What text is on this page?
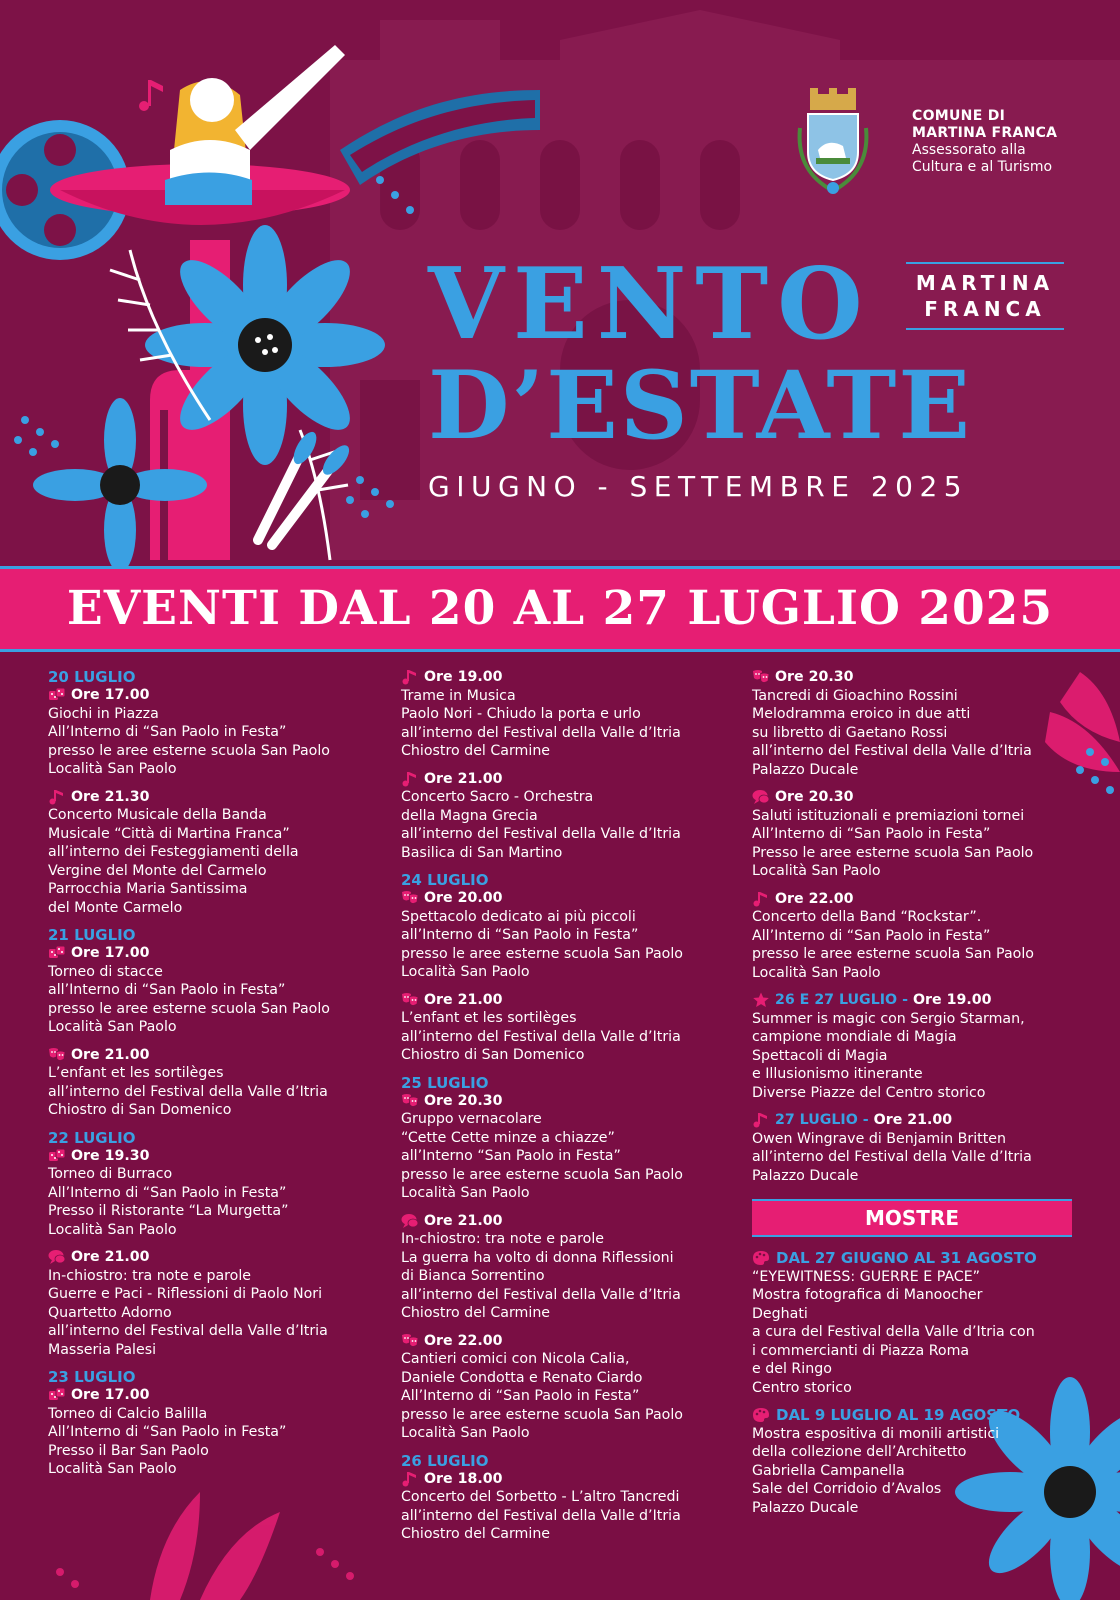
COMUNE DI
MARTINA FRANCA
Assessorato alla
Cultura e al Turismo
VENTO
D’ESTATE
MARTINA
FRANCA
GIUGNO - SETTEMBRE 2025
EVENTI DAL 20 AL 27 LUGLIO 2025
20 LUGLIO
Ore 17.00
Giochi in Piazza
All’Interno di “San Paolo in Festa”
presso le aree esterne scuola San Paolo
Località San Paolo
Ore 21.30
Concerto Musicale della Banda
Musicale “Città di Martina Franca”
all’interno dei Festeggiamenti della
Vergine del Monte del Carmelo
Parrocchia Maria Santissima
del Monte Carmelo
21 LUGLIO
Ore 17.00
Torneo di stacce
all’Interno di “San Paolo in Festa”
presso le aree esterne scuola San Paolo
Località San Paolo
Ore 21.00
L’enfant et les sortilèges
all’interno del Festival della Valle d’Itria
Chiostro di San Domenico
22 LUGLIO
Ore 19.30
Torneo di Burraco
All’Interno di “San Paolo in Festa”
Presso il Ristorante “La Murgetta”
Località San Paolo
Ore 21.00
In-chiostro: tra note e parole
Guerre e Paci - Riflessioni di Paolo Nori
Quartetto Adorno
all’interno del Festival della Valle d’Itria
Masseria Palesi
23 LUGLIO
Ore 17.00
Torneo di Calcio Balilla
All’Interno di “San Paolo in Festa”
Presso il Bar San Paolo
Località San Paolo
Ore 19.00
Trame in Musica
Paolo Nori - Chiudo la porta e urlo
all’interno del Festival della Valle d’Itria
Chiostro del Carmine
Ore 21.00
Concerto Sacro - Orchestra
della Magna Grecia
all’interno del Festival della Valle d’Itria
Basilica di San Martino
24 LUGLIO
Ore 20.00
Spettacolo dedicato ai più piccoli
all’Interno di “San Paolo in Festa”
presso le aree esterne scuola San Paolo
Località San Paolo
Ore 21.00
L’enfant et les sortilèges
all’interno del Festival della Valle d’Itria
Chiostro di San Domenico
25 LUGLIO
Ore 20.30
Gruppo vernacolare
“Cette Cette minze a chiazze”
all’Interno “San Paolo in Festa”
presso le aree esterne scuola San Paolo
Località San Paolo
Ore 21.00
In-chiostro: tra note e parole
La guerra ha volto di donna Riflessioni
di Bianca Sorrentino
all’interno del Festival della Valle d’Itria
Chiostro del Carmine
Ore 22.00
Cantieri comici con Nicola Calia,
Daniele Condotta e Renato Ciardo
All’Interno di “San Paolo in Festa”
presso le aree esterne scuola San Paolo
Località San Paolo
26 LUGLIO
Ore 18.00
Concerto del Sorbetto - L’altro Tancredi
all’interno del Festival della Valle d’Itria
Chiostro del Carmine
Ore 20.30
Tancredi di Gioachino Rossini
Melodramma eroico in due atti
su libretto di Gaetano Rossi
all’interno del Festival della Valle d’Itria
Palazzo Ducale
Ore 20.30
Saluti istituzionali e premiazioni tornei
All’Interno di “San Paolo in Festa”
Presso le aree esterne scuola San Paolo
Località San Paolo
Ore 22.00
Concerto della Band “Rockstar”.
All’Interno di “San Paolo in Festa”
presso le aree esterne scuola San Paolo
Località San Paolo
26 E 27 LUGLIO - Ore 19.00
Summer is magic con Sergio Starman,
campione mondiale di Magia
Spettacoli di Magia
e Illusionismo itinerante
Diverse Piazze del Centro storico
27 LUGLIO - Ore 21.00
Owen Wingrave di Benjamin Britten
all’interno del Festival della Valle d’Itria
Palazzo Ducale
MOSTRE
DAL 27 GIUGNO AL 31 AGOSTO
“EYEWITNESS: GUERRE E PACE”
Mostra fotografica di Manoocher
Deghati
a cura del Festival della Valle d’Itria con
i commercianti di Piazza Roma
e del Ringo
Centro storico
DAL 9 LUGLIO AL 19 AGOSTO
Mostra espositiva di monili artistici
della collezione dell’Architetto
Gabriella Campanella
Sale del Corridoio d’Avalos
Palazzo Ducale
